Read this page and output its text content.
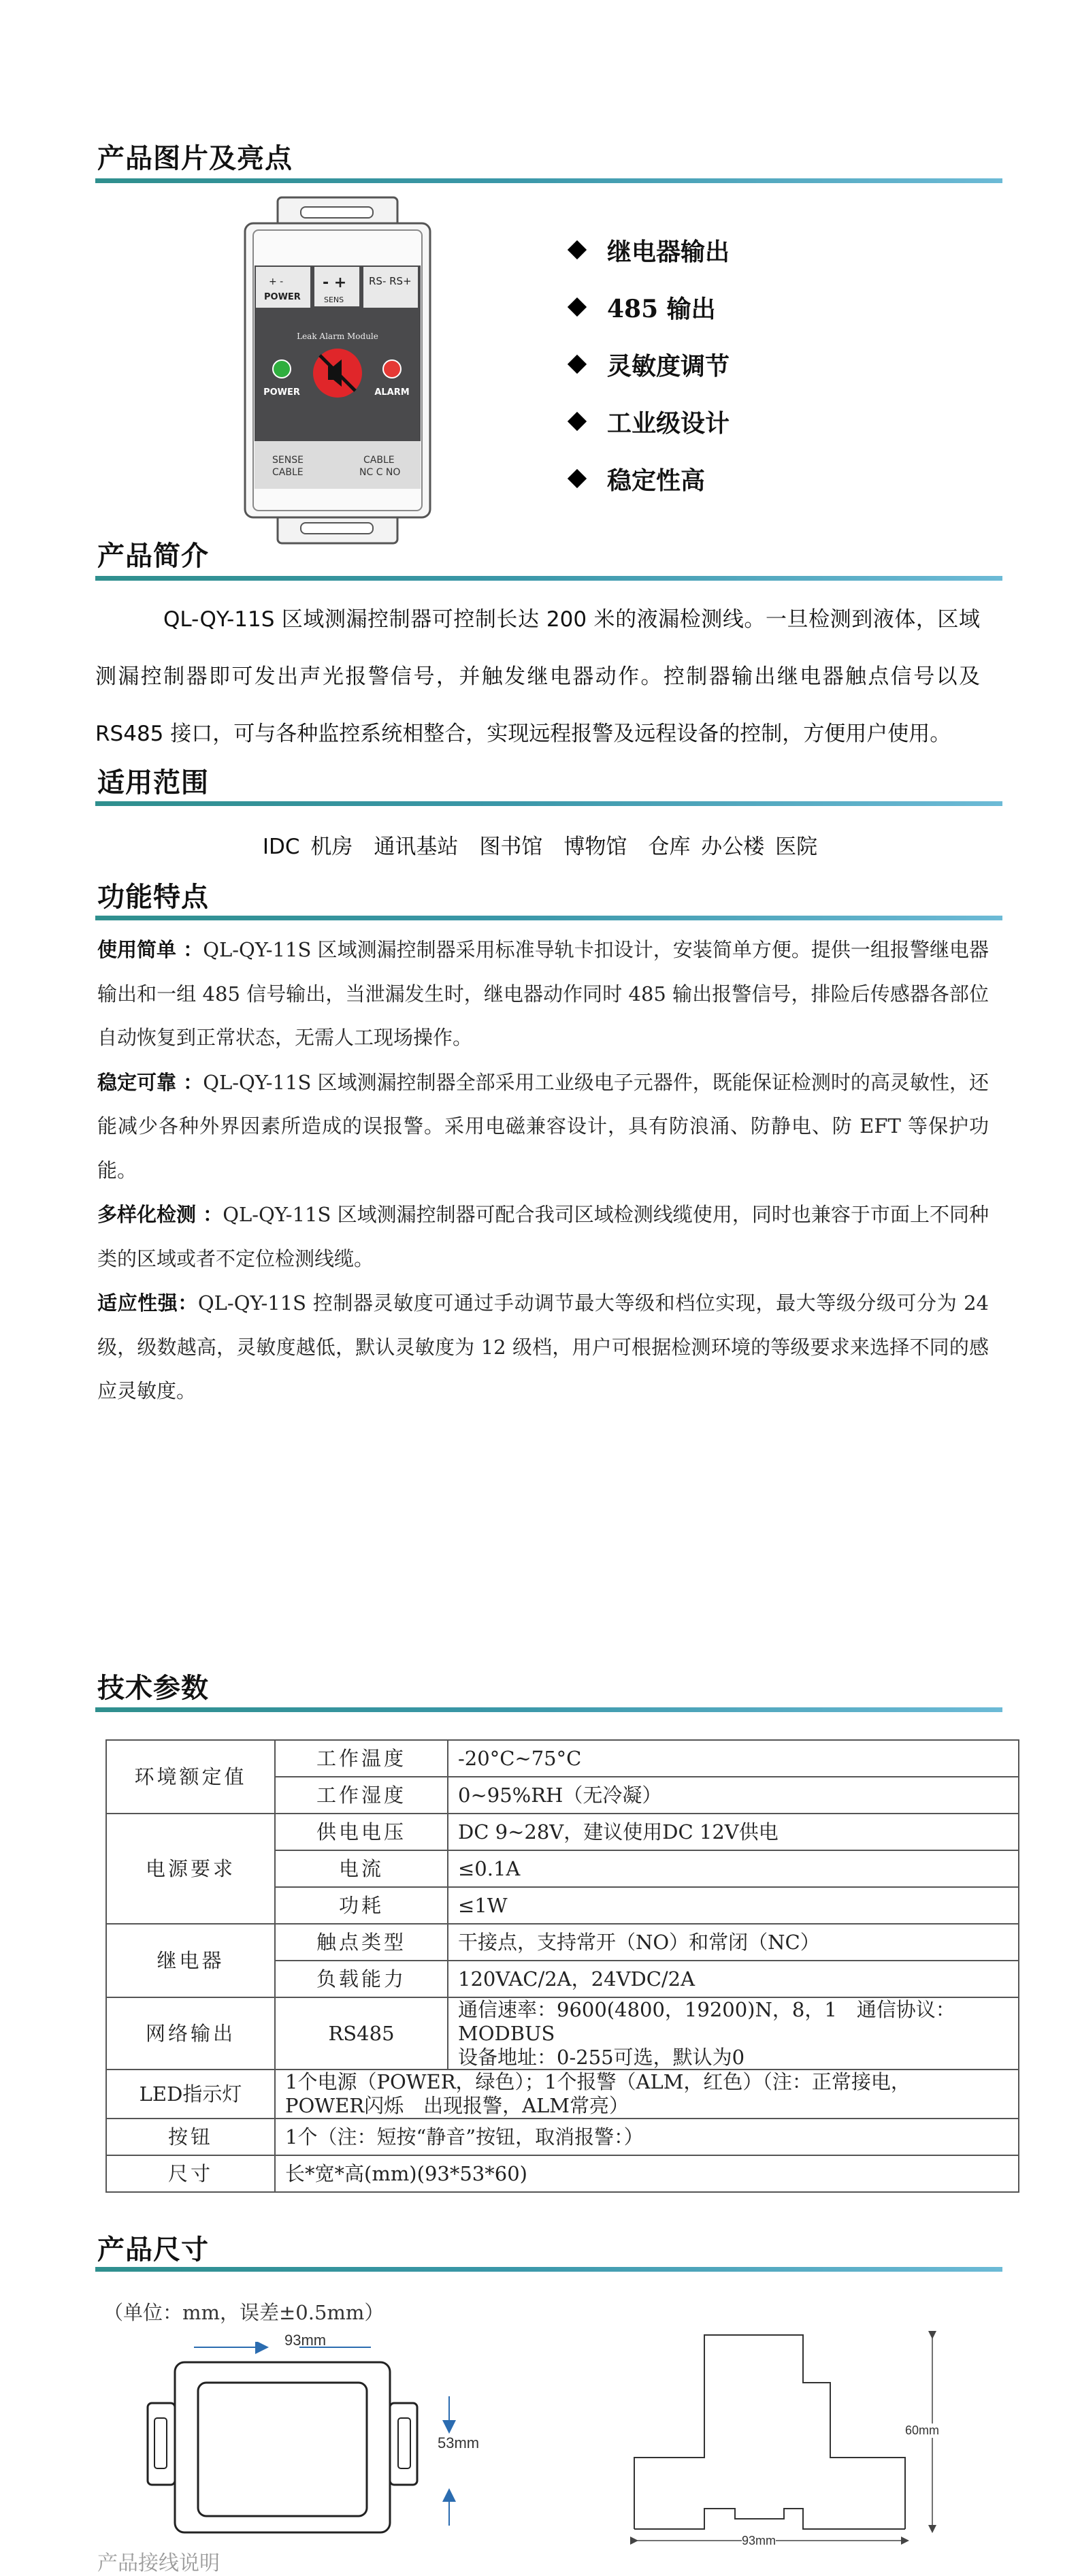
产品图片及亮点
+ -
POWER
- +
SENS
RS- RS+
Leak Alarm Module
POWER	ALARM
SENSE
CABLE
CABLE
NC C NO
继电器输出
485 输出
灵敏度调节
工业级设计
稳定性高
产品简介
QL-QY-11S 区域测漏控制器可控制长达 200 米的液漏检测线。一旦检测到液体，区域测漏控制器即可发出声光报警信号，并触发继电器动作。控制器输出继电器触点信号以及 RS485 接口，可与各种监控系统相整合，实现远程报警及远程设备的控制，方便用户使用。
适用范围
IDC 机房　通讯基站　图书馆　博物馆　仓库 办公楼 医院
功能特点

使用简单 ：QL-QY-11S 区域测漏控制器采用标准导轨卡扣设计，安装简单方便。提供一组报警继电器输出和一组 485 信号输出，当泄漏发生时，继电器动作同时 485 输出报警信号，排险后传感器各部位自动恢复到正常状态，无需人工现场操作。

稳定可靠 ：QL-QY-11S 区域测漏控制器全部采用工业级电子元器件，既能保证检测时的高灵敏性，还能减少各种外界因素所造成的误报警。采用电磁兼容设计，具有防浪涌、防静电、防 EFT 等保护功能。

多样化检测 ：QL-QY-11S 区域测漏控制器可配合我司区域检测线缆使用，同时也兼容于市面上不同种类的区域或者不定位检测线缆。

适应性强：QL-QY-11S 控制器灵敏度可通过手动调节最大等级和档位实现，最大等级分级可分为 24 级，级数越高，灵敏度越低，默认灵敏度为 12 级档，用户可根据检测环境的等级要求来选择不同的感应灵敏度。

技术参数
环境额定值	工作温度	-20°C~75°C
	工作湿度	0~95%RH（无冷凝）
电源要求	供电电压	DC 9~28V，建议使用DC 12V供电
	电流	≤0.1A
	功耗	≤1W
继电器	触点类型	干接点，支持常开（NO）和常闭（NC）
	负载能力	120VAC/2A，24VDC/2A
网络输出	RS485	通信速率：9600(4800，19200)N，8，1　通信协议：MODBUS
设备地址：0-255可选，默认为0

LED指示灯	1个电源（POWER，绿色）；1个报警（ALM，红色）（注：正常接电，
POWER闪烁　出现报警，ALM常亮）	

按钮	1个（注：短按“静音”按钮，取消报警：）	
尺寸	长*宽*高(mm)(93*53*60)	
产品尺寸
（单位：mm，误差±0.5mm）
93mm
53mm
60mm
93mm
产品接线说明
